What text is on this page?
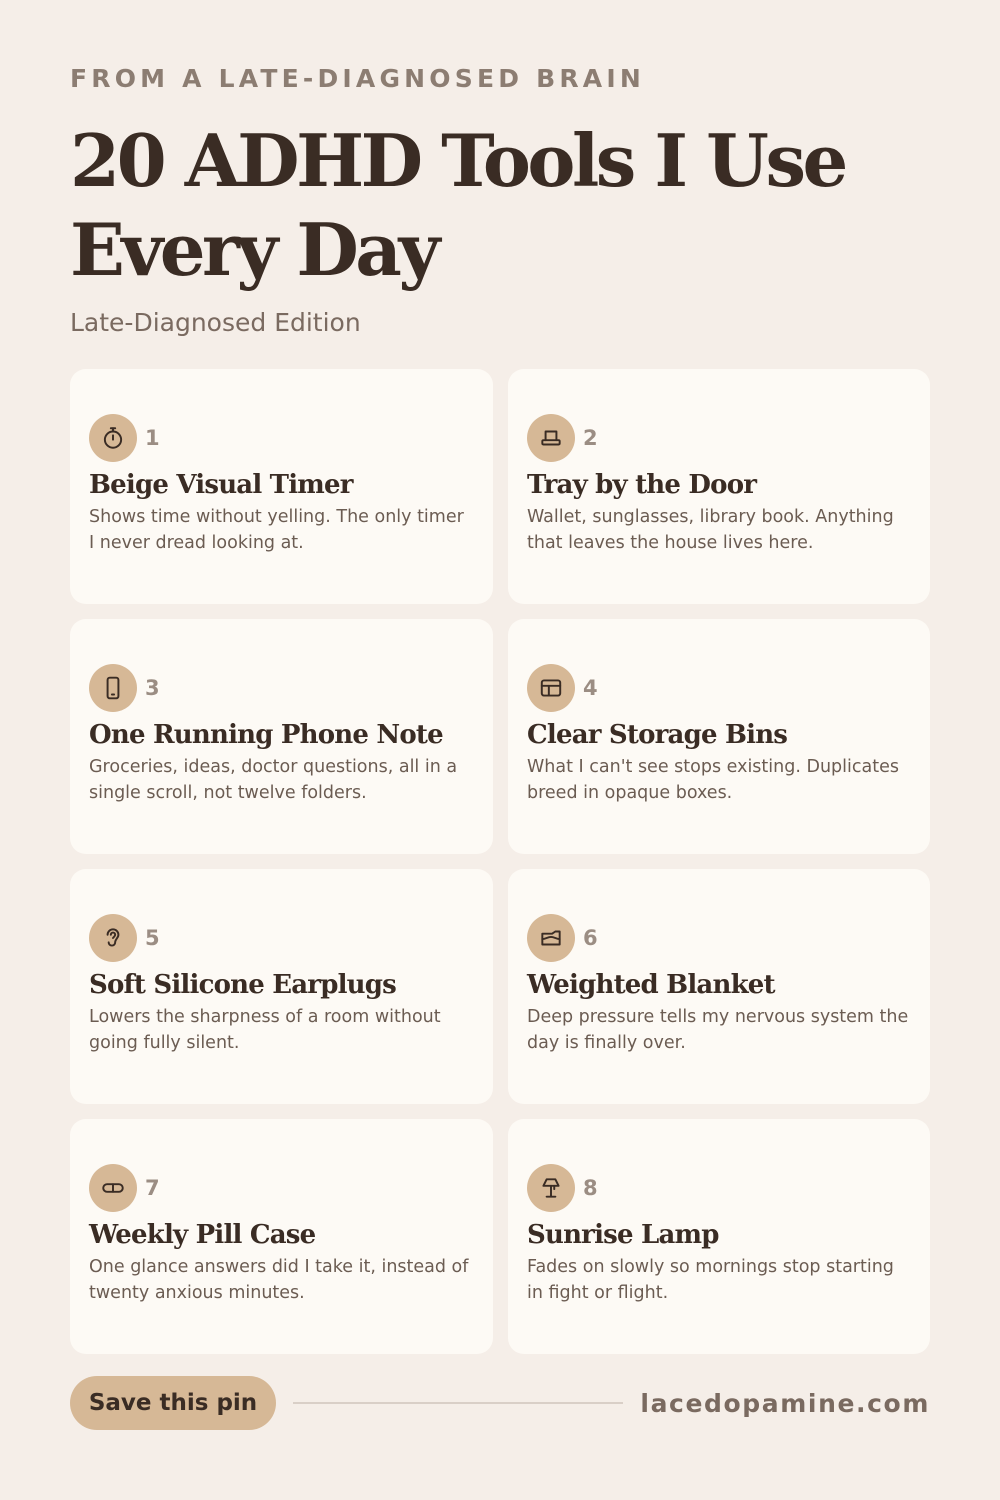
FROM A LATE-DIAGNOSED BRAIN
20 ADHD Tools I Use Every Day
Late-Diagnosed Edition
1
Beige Visual Timer
Shows time without yelling. The only timer I never dread looking at.
2
Tray by the Door
Wallet, sunglasses, library book. Anything that leaves the house lives here.
3
One Running Phone Note
Groceries, ideas, doctor questions, all in a single scroll, not twelve folders.
4
Clear Storage Bins
What I can't see stops existing. Duplicates breed in opaque boxes.
5
Soft Silicone Earplugs
Lowers the sharpness of a room without going fully silent.
6
Weighted Blanket
Deep pressure tells my nervous system the day is finally over.
7
Weekly Pill Case
One glance answers did I take it, instead of twenty anxious minutes.
8
Sunrise Lamp
Fades on slowly so mornings stop starting in fight or flight.
Save this pin	lacedopamine.com
